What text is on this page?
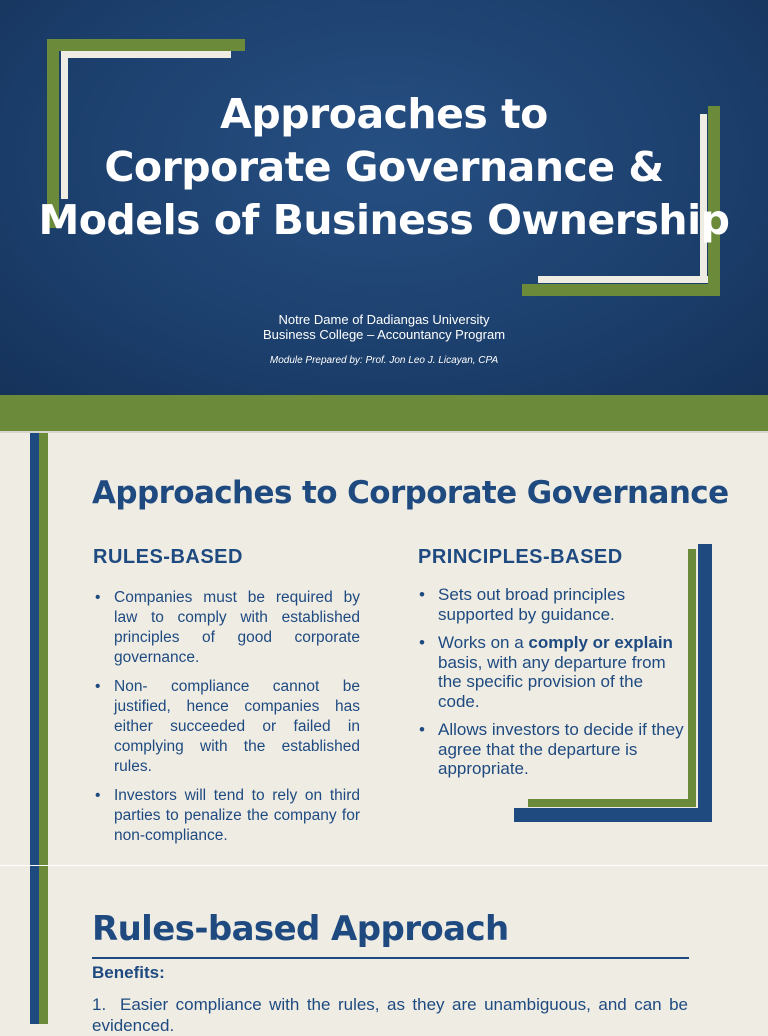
Approaches to
Corporate Governance &
Models of Business Ownership
Notre Dame of Dadiangas University
Business College – Accountancy Program
Module Prepared by: Prof. Jon Leo J. Licayan, CPA
Approaches to Corporate Governance
RULES-BASED
• Companies must be required by law to comply with established principles of good corporate governance.
• Non- compliance cannot be justified, hence companies has either succeeded or failed in complying with the established rules.
• Investors will tend to rely on third parties to penalize the company for non-compliance.
PRINCIPLES-BASED
• Sets out broad principles supported by guidance.
• Works on a comply or explain basis, with any departure from the specific provision of the code.
• Allows investors to decide if they agree that the departure is appropriate.
Rules-based Approach
Benefits:
1. Easier compliance with the rules, as they are unambiguous, and can be evidenced.
